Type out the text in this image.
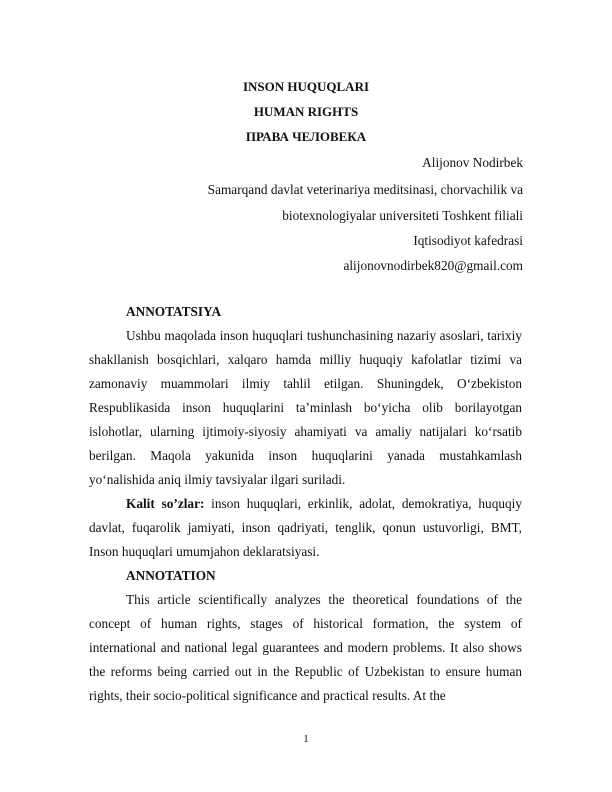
INSON HUQUQLARI
HUMAN RIGHTS
ПРАВА ЧЕЛОВЕКА
Alijonov Nodirbek
Samarqand davlat veterinariya meditsinasi, chorvachilik va
biotexnologiyalar universiteti Toshkent filiali
Iqtisodiyot kafedrasi
alijonovnodirbek820@gmail.com
ANNOTATSIYA

Ushbu maqolada inson huquqlari tushunchasining nazariy asoslari, tarixiy shakllanish bosqichlari, xalqaro hamda milliy huquqiy kafolatlar tizimi va zamonaviy muammolari ilmiy tahlil etilgan. Shuningdek, O‘zbekiston Respublikasida inson huquqlarini ta’minlash bo‘yicha olib borilayotgan islohotlar, ularning ijtimoiy-siyosiy ahamiyati va amaliy natijalari ko‘rsatib berilgan. Maqola yakunida inson huquqlarini yanada mustahkamlash yo‘nalishida aniq ilmiy tavsiyalar ilgari suriladi.

Kalit so’zlar: inson huquqlari, erkinlik, adolat, demokratiya, huquqiy davlat, fuqarolik jamiyati, inson qadriyati, tenglik, qonun ustuvorligi, BMT, Inson huquqlari umumjahon deklaratsiyasi.

ANNOTATION

This article scientifically analyzes the theoretical foundations of the concept of human rights, stages of historical formation, the system of international and national legal guarantees and modern problems. It also shows the reforms being carried out in the Republic of Uzbekistan to ensure human rights, their socio-political significance and practical results. At the

1
